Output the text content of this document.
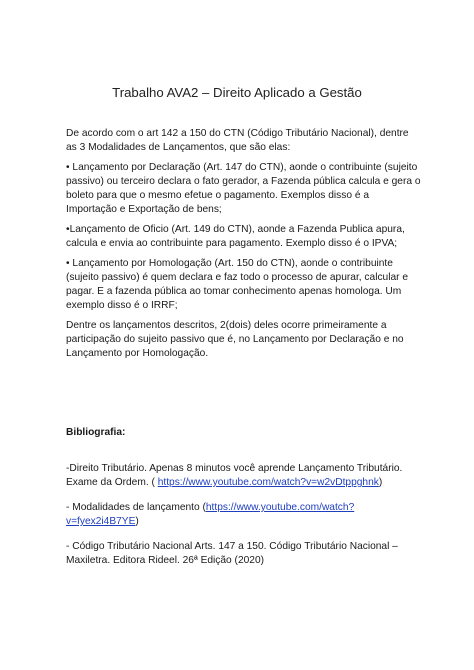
Trabalho AVA2 – Direito Aplicado a Gestão

De acordo com o art 142 a 150 do CTN (Código Tributário Nacional), dentre as 3 Modalidades de Lançamentos, que são elas:

• Lançamento por Declaração (Art. 147 do CTN), aonde o contribuinte (sujeito passivo) ou terceiro declara o fato gerador, a Fazenda pública calcula e gera o boleto para que o mesmo efetue o pagamento. Exemplos disso é a Importação e Exportação de bens;

•Lançamento de Oficio (Art. 149 do CTN), aonde a Fazenda Publica apura, calcula e envia ao contribuinte para pagamento. Exemplo disso é o IPVA;

• Lançamento por Homologação (Art. 150 do CTN), aonde o contribuinte (sujeito passivo) é quem declara e faz todo o processo de apurar, calcular e pagar. E a fazenda pública ao tomar conhecimento apenas homologa. Um exemplo disso é o IRRF;

Dentre os lançamentos descritos, 2(dois) deles ocorre primeiramente a participação do sujeito passivo que é, no Lançamento por Declaração e no Lançamento por Homologação.

Bibliografia:

-Direito Tributário. Apenas 8 minutos você aprende Lançamento Tributário. Exame da Ordem. ( https://www.youtube.com/watch?v=w2vDtppghnk)

- Modalidades de lançamento (https://www.youtube.com/watch?v=fyex2i4B7YE)

- Código Tributário Nacional Arts. 147 a 150. Código Tributário Nacional – Maxiletra. Editora Rideel. 26ª Edição (2020)
